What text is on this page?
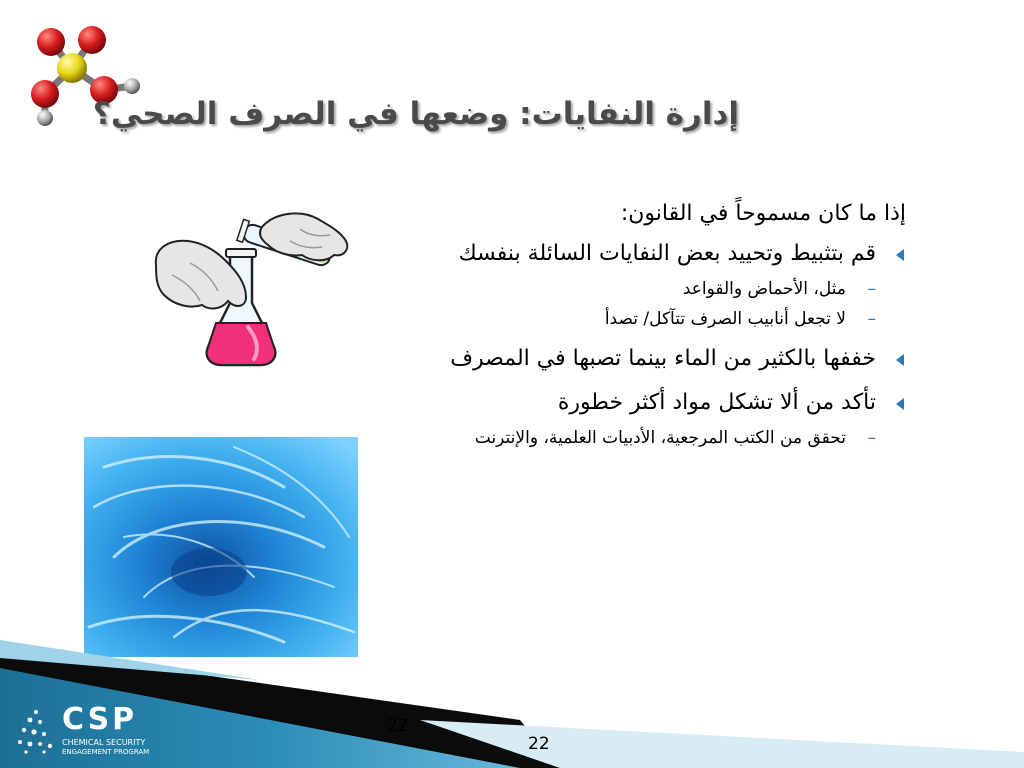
إدارة النفايات: وضعها في الصرف الصحي؟
إذا ما كان مسموحاً في القانون:
قم بتثبيط وتحييد بعض النفايات السائلة بنفسك
–
مثل، الأحماض والقواعد
–
لا تجعل أنابيب الصرف تتآكل/ تصدأ
خففها بالكثير من الماء بينما تصبها في المصرف
تأكد من ألا تشكل مواد أكثر خطورة
–
تحقق من الكتب المرجعية، الأدبيات العلمية، والإنترنت
CSP
CHEMICAL SECURITY
ENGAGEMENT PROGRAM
22
22
